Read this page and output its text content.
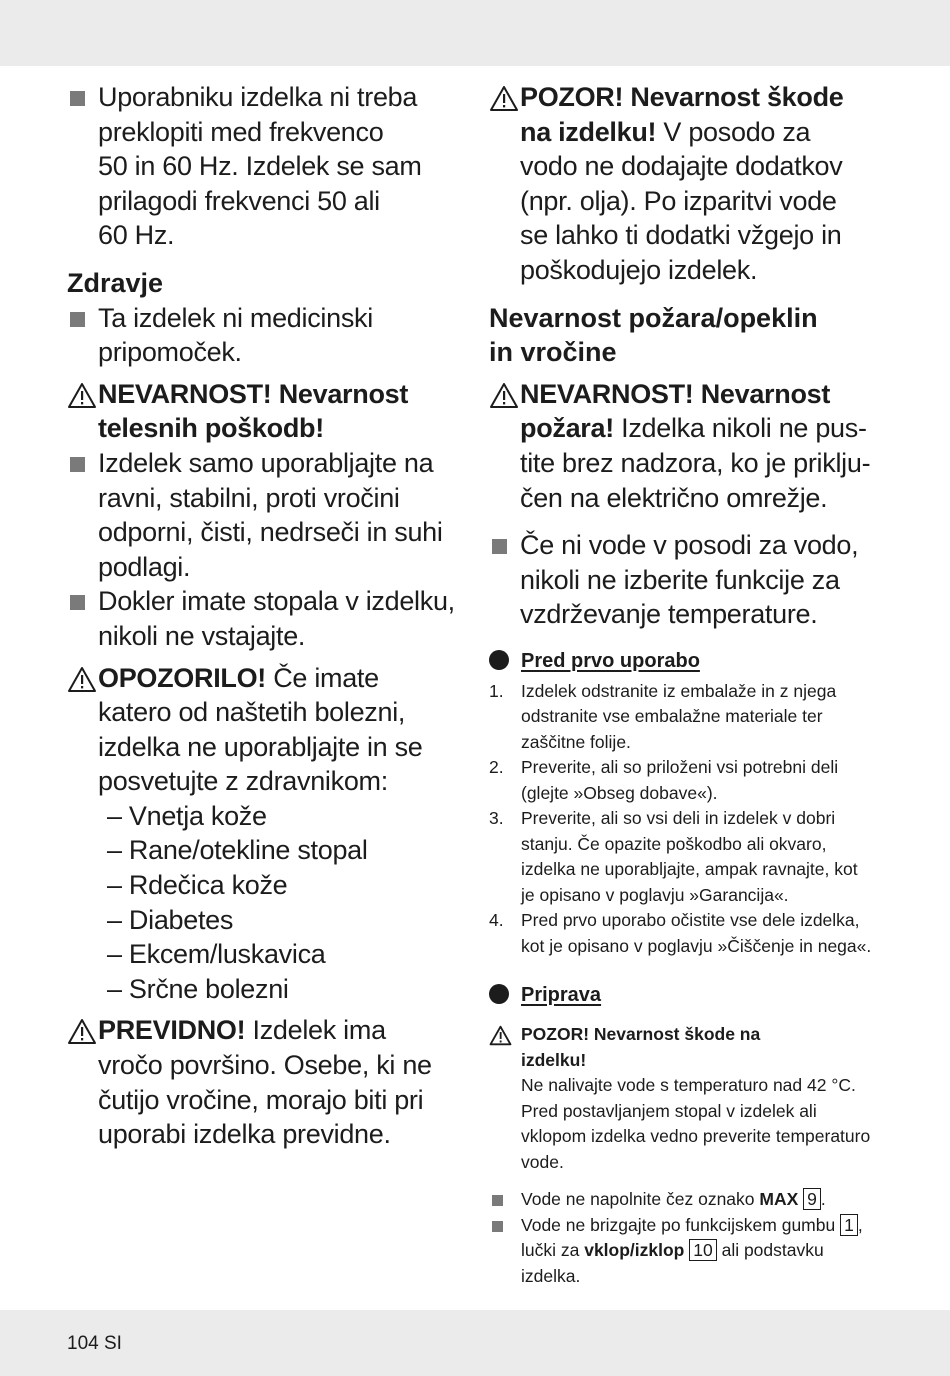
Uporabniku izdelka ni treba
preklopiti med frekvenco
50 in 60 Hz. Izdelek se sam
prilagodi frekvenci 50 ali
60 Hz.
Zdravje
Ta izdelek ni medicinski
pripomoček.
NEVARNOST! Nevarnost
telesnih poškodb!
Izdelek samo uporabljajte na
ravni, stabilni, proti vročini
odporni, čisti, nedrseči in suhi
podlagi.
Dokler imate stopala v izdelku,
nikoli ne vstajajte.
OPOZORILO! Če imate
katero od naštetih bolezni,
izdelka ne uporabljajte in se
posvetujte z zdravnikom:
– Vnetja kože
– Rane/otekline stopal
– Rdečica kože
– Diabetes
– Ekcem/luskavica
– Srčne bolezni
PREVIDNO! Izdelek ima
vročo površino. Osebe, ki ne
čutijo vročine, morajo biti pri
uporabi izdelka previdne.
POZOR! Nevarnost škode
na izdelku! V posodo za
vodo ne dodajajte dodatkov
(npr. olja). Po izparitvi vode
se lahko ti dodatki vžgejo in
poškodujejo izdelek.
Nevarnost požara/opeklin
in vročine
NEVARNOST! Nevarnost
požara! Izdelka nikoli ne pus-
tite brez nadzora, ko je priklju-
čen na električno omrežje.
Če ni vode v posodi za vodo,
nikoli ne izberite funkcije za
vzdrževanje temperature.
Pred prvo uporabo
1. Izdelek odstranite iz embalaže in z njega
odstranite vse embalažne materiale ter
zaščitne folije.
2. Preverite, ali so priloženi vsi potrebni deli
(glejte »Obseg dobave«).
3. Preverite, ali so vsi deli in izdelek v dobri
stanju. Če opazite poškodbo ali okvaro,
izdelka ne uporabljajte, ampak ravnajte, kot
je opisano v poglavju »Garancija«.
4. Pred prvo uporabo očistite vse dele izdelka,
kot je opisano v poglavju »Čiščenje in nega«.
Priprava
POZOR! Nevarnost škode na
izdelku!
Ne nalivajte vode s temperaturo nad 42 °C.
Pred postavljanjem stopal v izdelek ali
vklopom izdelka vedno preverite temperaturo
vode.
Vode ne napolnite čez oznako MAX 9 .
Vode ne brizgajte po funkcijskem gumbu 1 ,
lučki za vklop/izklop 10 ali podstavku
izdelka.
104 SI
